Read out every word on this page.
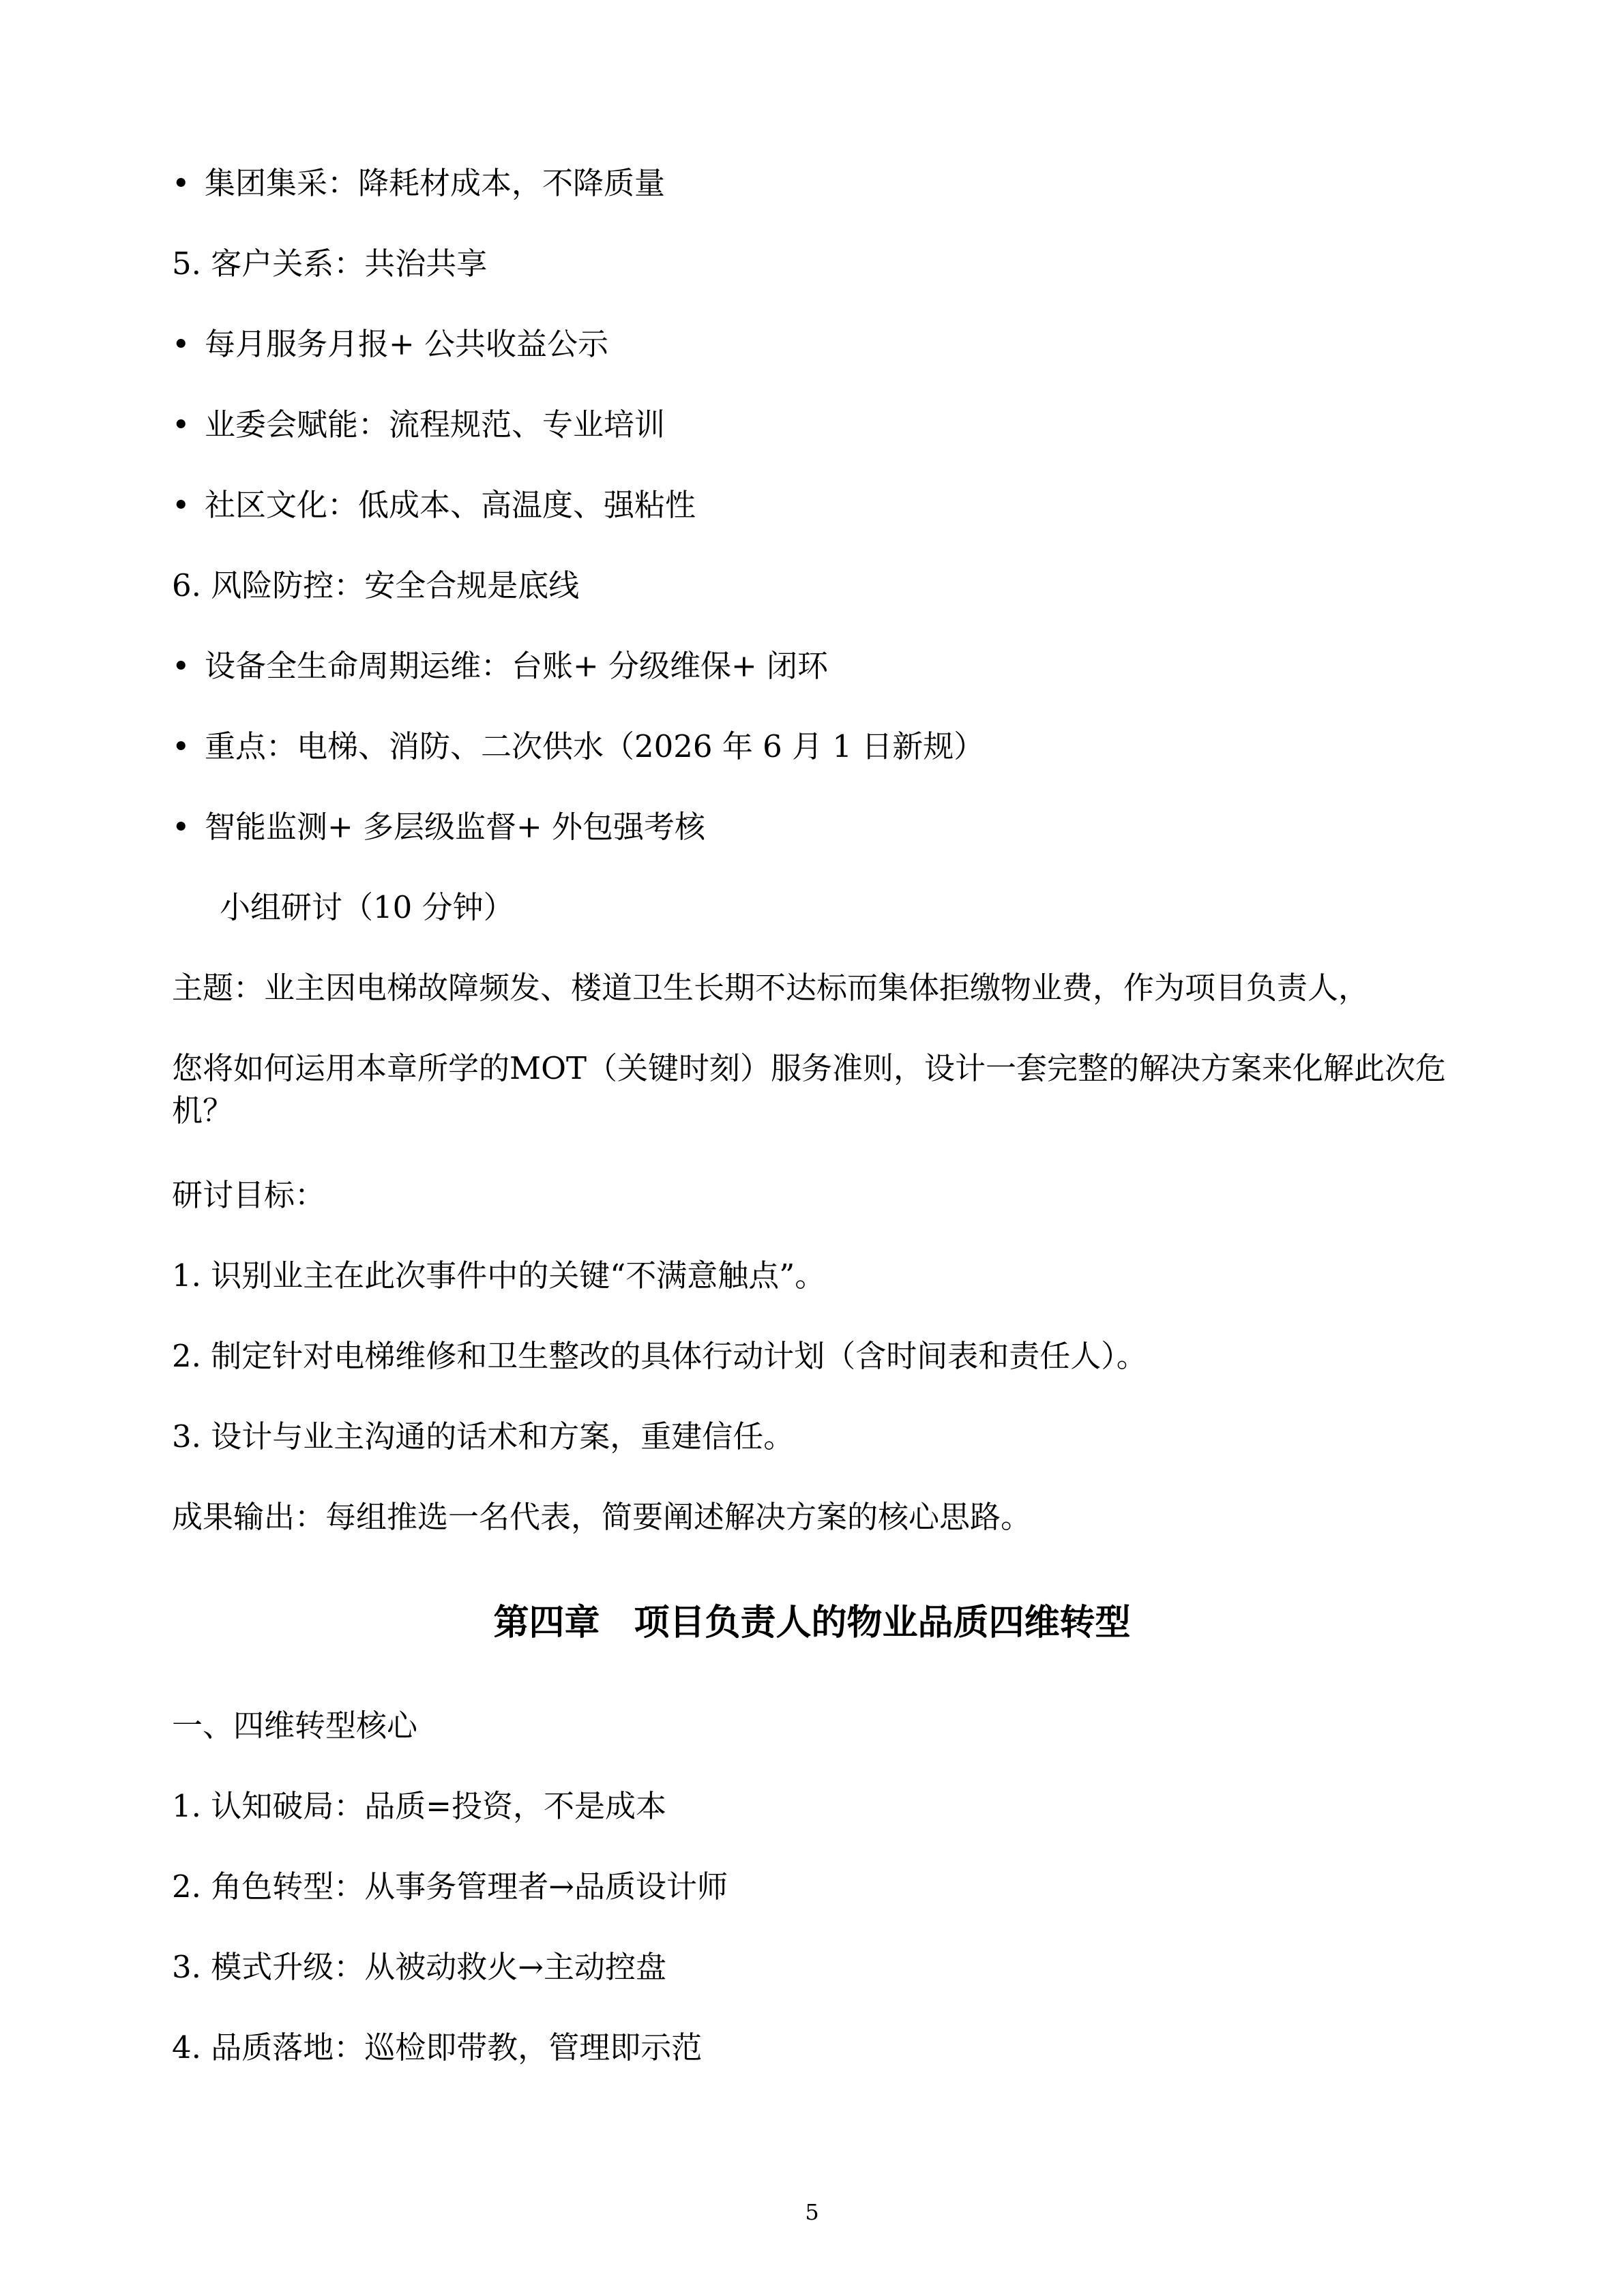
• 集团集采：降耗材成本，不降质量
5. 客户关系：共治共享
• 每月服务月报+ 公共收益公示
• 业委会赋能：流程规范、专业培训
• 社区文化：低成本、高温度、强粘性
6. 风险防控：安全合规是底线
• 设备全生命周期运维：台账+ 分级维保+ 闭环
• 重点：电梯、消防、二次供水（2026 年 6 月 1 日新规）
• 智能监测+ 多层级监督+ 外包强考核
小组研讨（10 分钟）
主题：业主因电梯故障频发、楼道卫生长期不达标而集体拒缴物业费，作为项目负责人，
您将如何运用本章所学的MOT（关键时刻）服务准则，设计一套完整的解决方案来化解此次危机？
研讨目标：
1. 识别业主在此次事件中的关键“不满意触点”。
2. 制定针对电梯维修和卫生整改的具体行动计划（含时间表和责任人）。
3. 设计与业主沟通的话术和方案，重建信任。
成果输出：每组推选一名代表，简要阐述解决方案的核心思路。
第四章 项目负责人的物业品质四维转型
一、四维转型核心
1. 认知破局：品质=投资，不是成本
2. 角色转型：从事务管理者→品质设计师
3. 模式升级：从被动救火→主动控盘
4. 品质落地：巡检即带教，管理即示范
5
